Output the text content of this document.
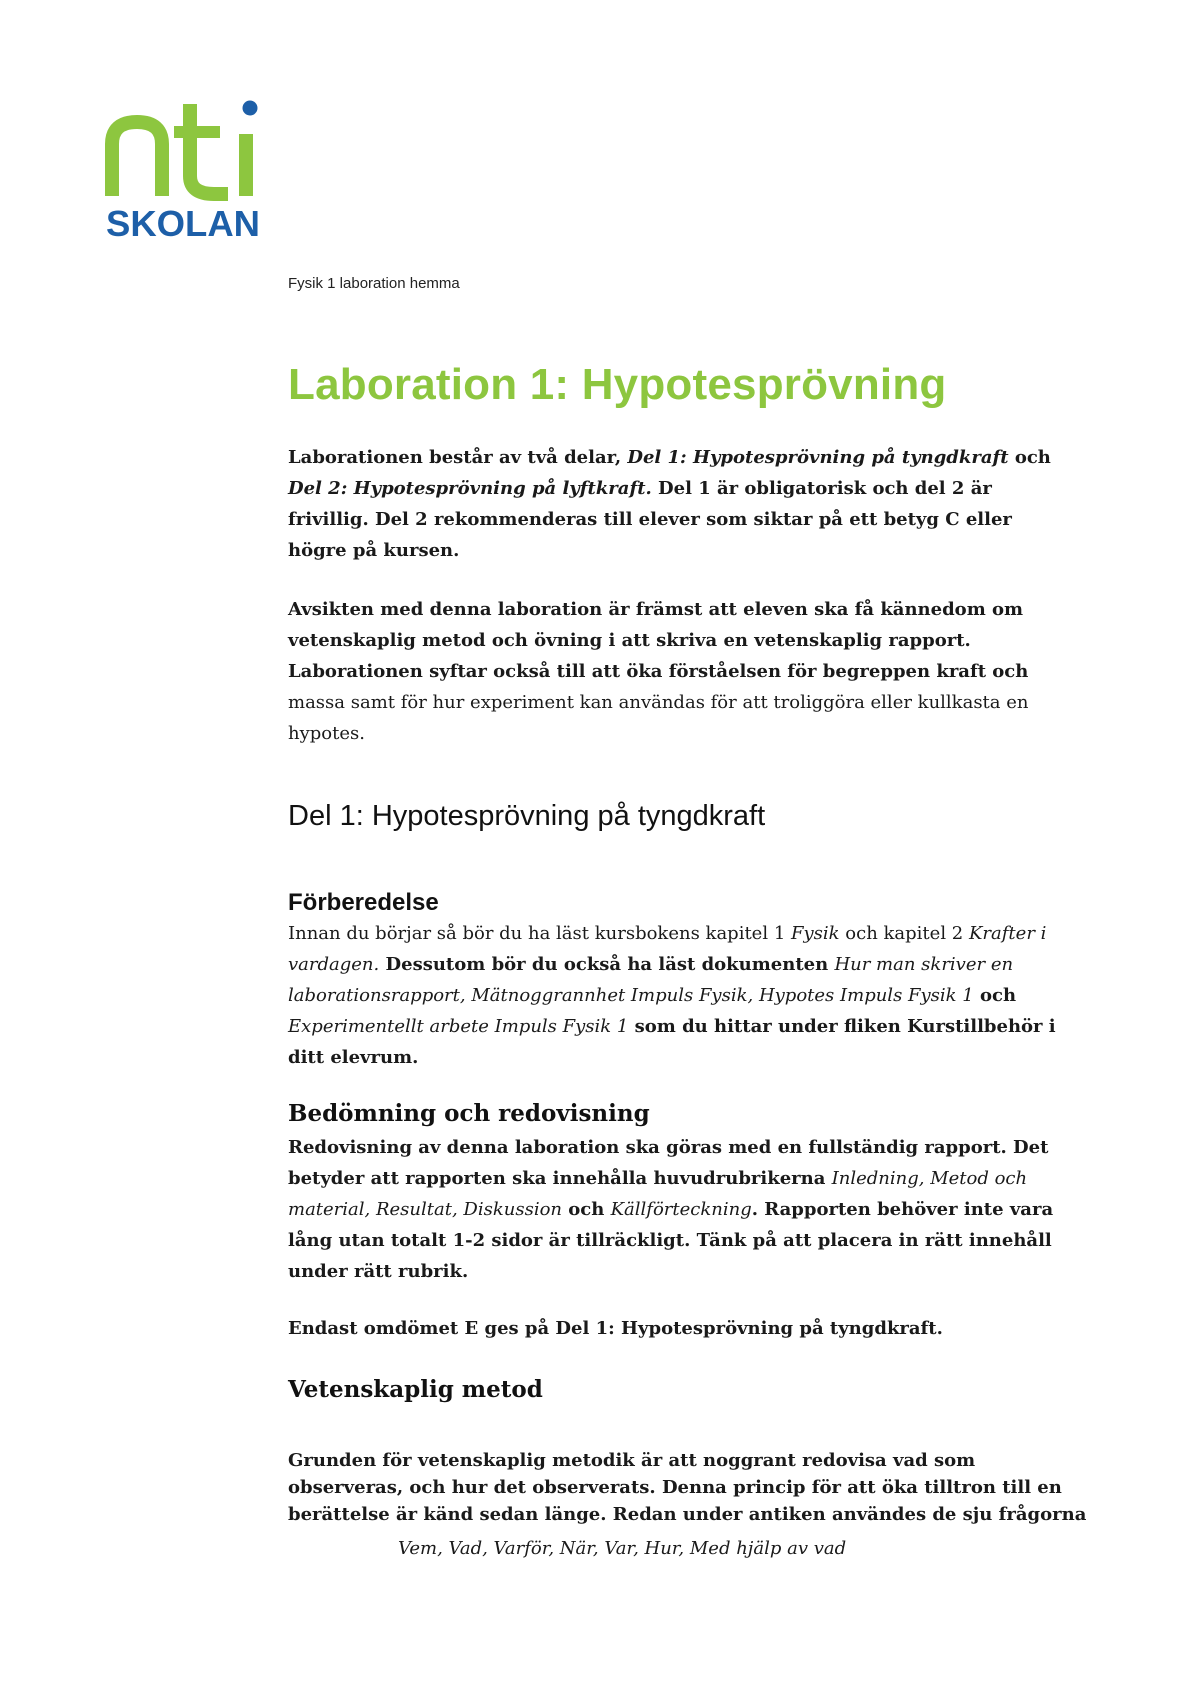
SKOLAN
Fysik 1 laboration hemma
Laboration 1: Hypotesprövning

Laborationen består av två delar, Del 1: Hypotesprövning på tyngdkraft och Del 2: Hypotesprövning på lyftkraft. Del 1 är obligatorisk och del 2 är frivillig. Del 2 rekommenderas till elever som siktar på ett betyg C eller högre på kursen.

Avsikten med denna laboration är främst att eleven ska få kännedom om vetenskaplig metod och övning i att skriva en vetenskaplig rapport. Laborationen syftar också till att öka förståelsen för begreppen kraft och massa samt för hur experiment kan användas för att troliggöra eller kullkasta en hypotes.

Del 1: Hypotesprövning på tyngdkraft
Förberedelse

Innan du börjar så bör du ha läst kursbokens kapitel 1 Fysik och kapitel 2 Krafter i vardagen. Dessutom bör du också ha läst dokumenten Hur man skriver en laborationsrapport, Mätnoggrannhet Impuls Fysik, Hypotes Impuls Fysik 1 och Experimentellt arbete Impuls Fysik 1 som du hittar under fliken Kurstillbehör i ditt elevrum.

Bedömning och redovisning

Redovisning av denna laboration ska göras med en fullständig rapport. Det betyder att rapporten ska innehålla huvudrubrikerna Inledning, Metod och material, Resultat, Diskussion och Källförteckning. Rapporten behöver inte vara lång utan totalt 1-2 sidor är tillräckligt. Tänk på att placera in rätt innehåll under rätt rubrik.

Endast omdömet E ges på Del 1: Hypotesprövning på tyngdkraft.

Vetenskaplig metod

Grunden för vetenskaplig metodik är att noggrant redovisa vad som observeras, och hur det observerats. Denna princip för att öka tilltron till en berättelse är känd sedan länge. Redan under antiken användes de sju frågorna

Vem, Vad, Varför, När, Var, Hur, Med hjälp av vad
